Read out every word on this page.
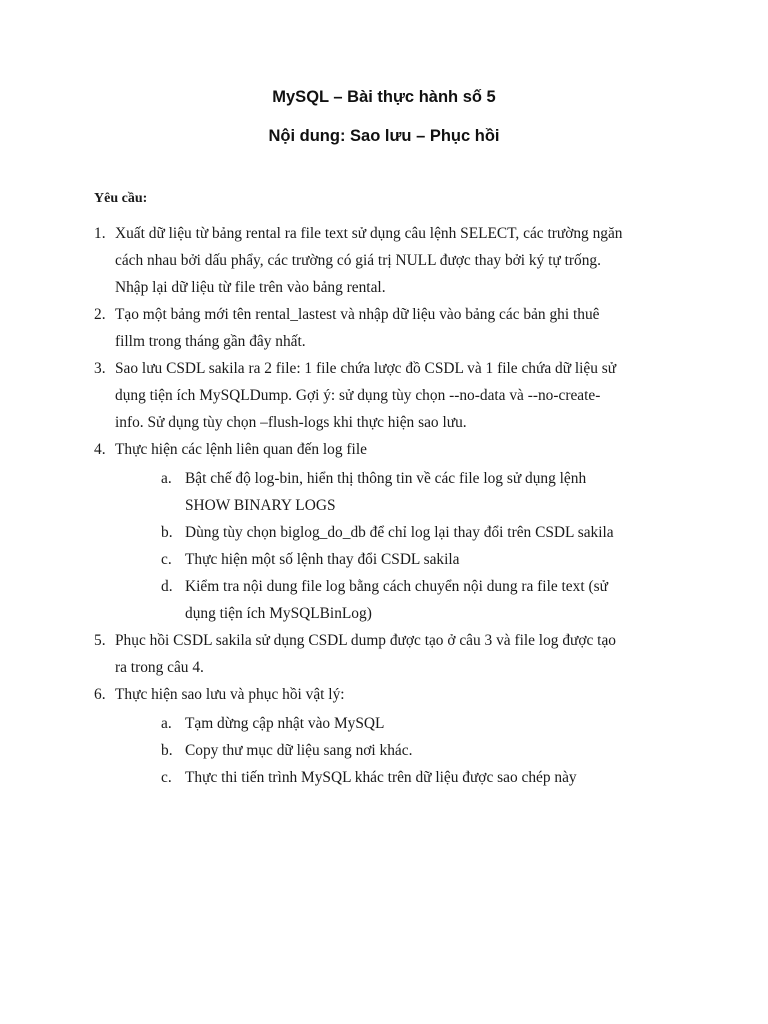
MySQL – Bài thực hành số 5
Nội dung: Sao lưu – Phục hồi
Yêu cầu:
1. Xuất dữ liệu từ bảng rental ra file text sử dụng câu lệnh SELECT, các trường ngăn
cách nhau bởi dấu phẩy, các trường có giá trị NULL được thay bởi ký tự trống.
Nhập lại dữ liệu từ file trên vào bảng rental.
2. Tạo một bảng mới tên rental_lastest và nhập dữ liệu vào bảng các bản ghi thuê
fillm trong tháng gần đây nhất.
3. Sao lưu CSDL sakila ra 2 file: 1 file chứa lược đồ CSDL và 1 file chứa dữ liệu sử
dụng tiện ích MySQLDump. Gợi ý: sử dụng tùy chọn --no-data và --no-create-
info. Sử dụng tùy chọn –flush-logs khi thực hiện sao lưu.
4. Thực hiện các lệnh liên quan đến log file
a. Bật chế độ log-bin, hiển thị thông tin về các file log sử dụng lệnh
SHOW BINARY LOGS
b. Dùng tùy chọn biglog_do_db để chỉ log lại thay đổi trên CSDL sakila
c. Thực hiện một số lệnh thay đổi CSDL sakila
d. Kiểm tra nội dung file log bằng cách chuyển nội dung ra file text (sử
dụng tiện ích MySQLBinLog)
5. Phục hồi CSDL sakila sử dụng CSDL dump được tạo ở câu 3 và file log được tạo
ra trong câu 4.
6. Thực hiện sao lưu và phục hồi vật lý:
a. Tạm dừng cập nhật vào MySQL
b. Copy thư mục dữ liệu sang nơi khác.
c. Thực thi tiến trình MySQL khác trên dữ liệu được sao chép này
